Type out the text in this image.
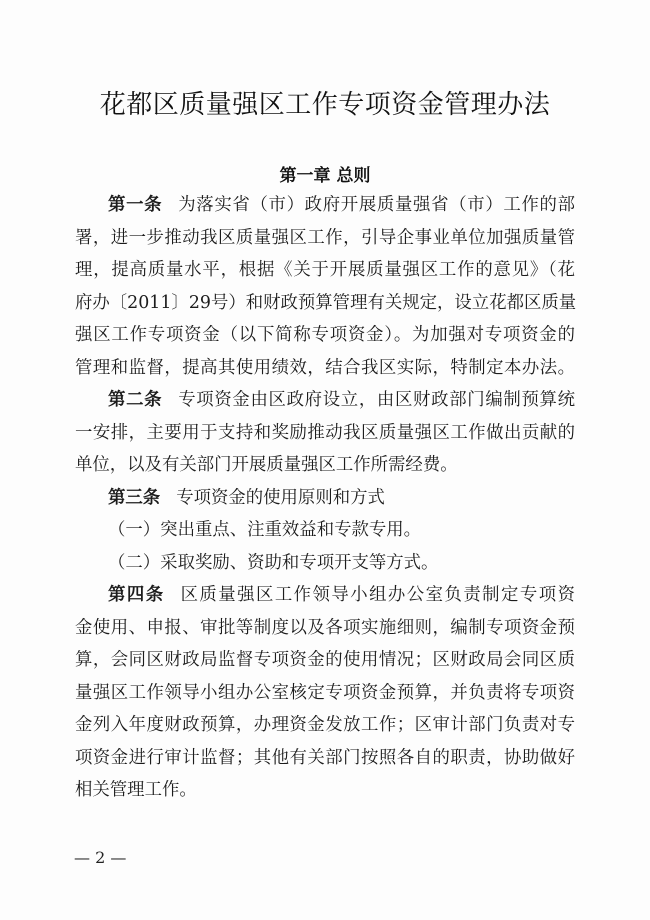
花都区质量强区工作专项资金管理办法
第一章 总则
第一条 为落实省（市）政府开展质量强省（市）工作的部
署，进一步推动我区质量强区工作，引导企事业单位加强质量管
理，提高质量水平，根据《关于开展质量强区工作的意见》（花
府办〔2011〕29号）和财政预算管理有关规定，设立花都区质量
强区工作专项资金（以下简称专项资金）。为加强对专项资金的
管理和监督，提高其使用绩效，结合我区实际，特制定本办法。
第二条 专项资金由区政府设立，由区财政部门编制预算统
一安排，主要用于支持和奖励推动我区质量强区工作做出贡献的
单位，以及有关部门开展质量强区工作所需经费。
第三条 专项资金的使用原则和方式
（一）突出重点、注重效益和专款专用。
（二）采取奖励、资助和专项开支等方式。
第四条 区质量强区工作领导小组办公室负责制定专项资
金使用、申报、审批等制度以及各项实施细则，编制专项资金预
算，会同区财政局监督专项资金的使用情况；区财政局会同区质
量强区工作领导小组办公室核定专项资金预算，并负责将专项资
金列入年度财政预算，办理资金发放工作；区审计部门负责对专
项资金进行审计监督；其他有关部门按照各自的职责，协助做好
相关管理工作。
— 2 —
